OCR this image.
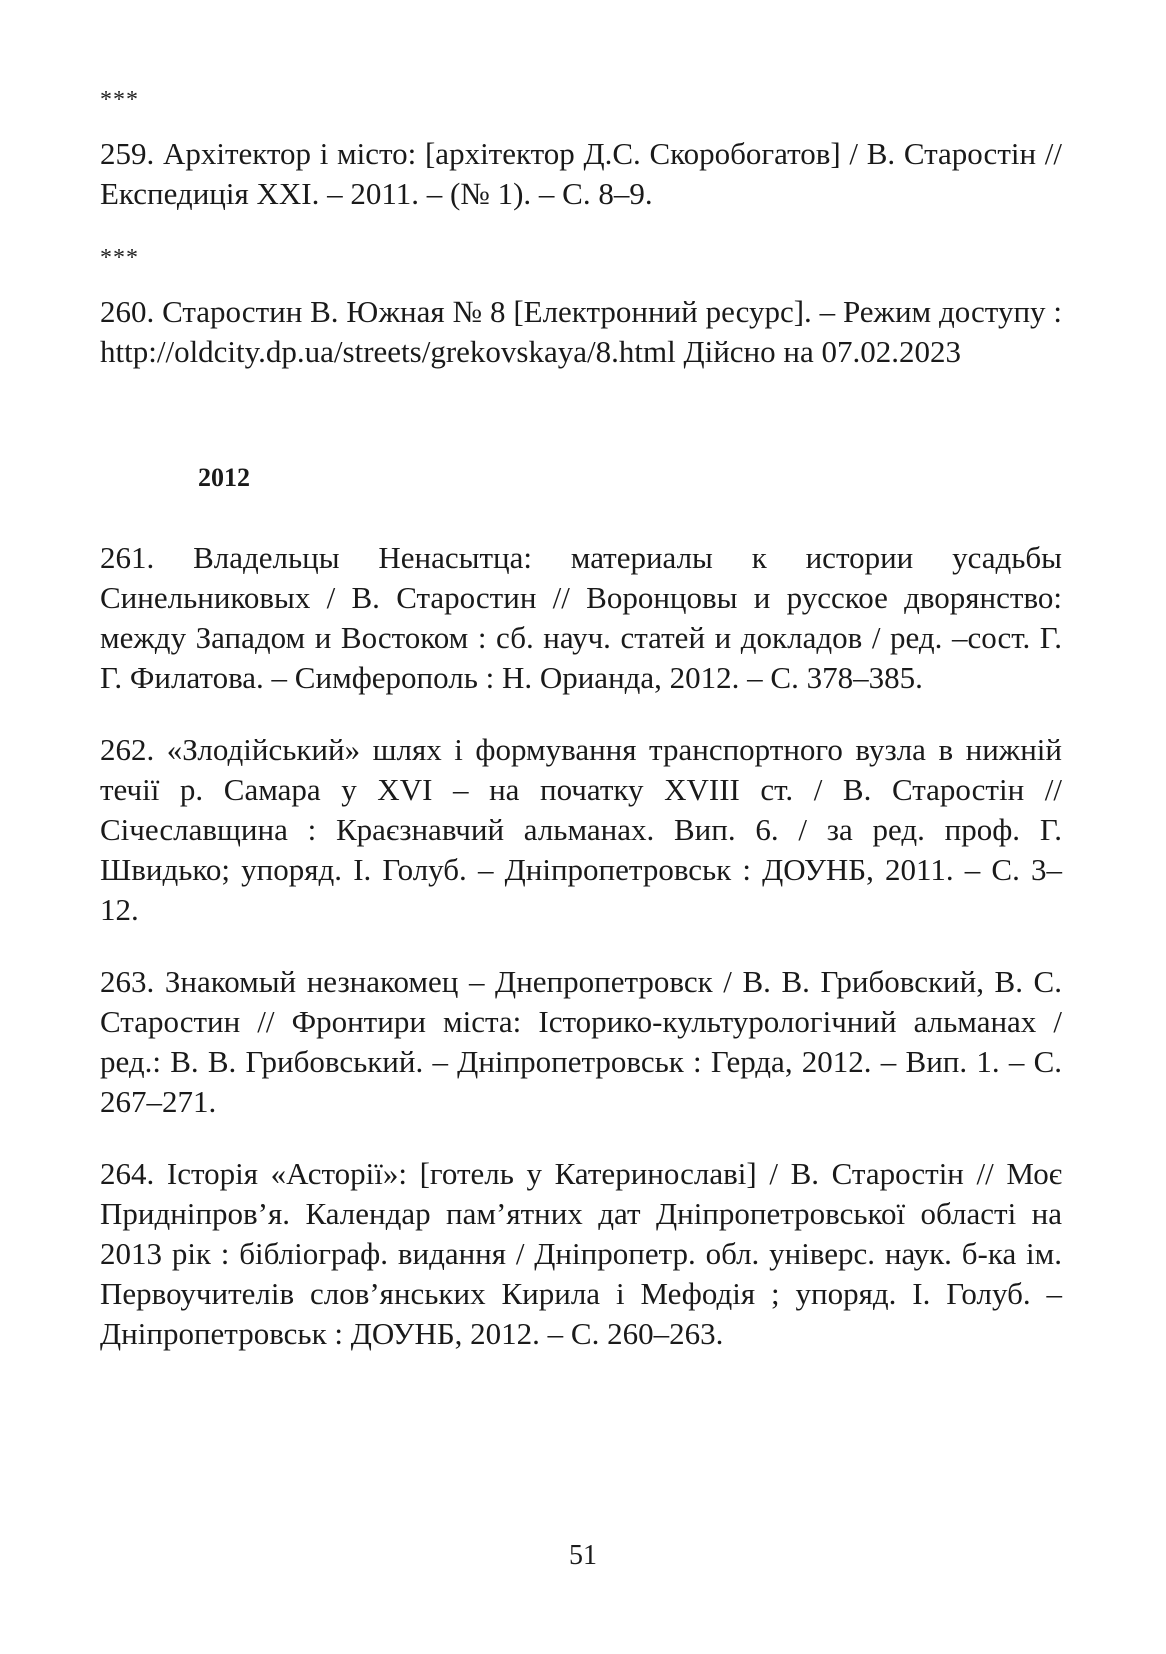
***
259. Архітектор і місто: [архітектор Д.С. Скоробогатов] / В. Старостін // Експедиція XXI. – 2011. – (№ 1). – С. 8–9.
***
260. Старостин В. Южная № 8 [Електронний ресурс]. – Режим доступу : http://oldcity.dp.ua/streets/grekovskaya/8.html Дійсно на 07.02.2023
2012
261. Владельцы Ненасытца: материалы к истории усадьбы Синельниковых / В. Старостин // Воронцовы и русское дворянство: между Западом и Востоком : сб. науч. статей и докладов / ред. –сост. Г. Г. Филатова. – Симферополь : Н. Орианда, 2012. – С. 378–385.
262. «Злодійський» шлях і формування транспортного вузла в нижній течії р. Самара у XVI – на початку XVIII ст. / В. Старостін // Січеславщина : Краєзнавчий альманах. Вип. 6. / за ред. проф. Г. Швидько; упоряд. І. Голуб. – Дніпропетровськ : ДОУНБ, 2011. – С. 3–12.
263. Знакомый незнакомец – Днепропетровск / В. В. Грибовский, В. С. Старостин // Фронтири міста: Історико-культурологічний альманах / ред.: В. В. Грибовський. – Дніпропетровськ : Герда, 2012. – Вип. 1. – С. 267–271.
264. Історія «Асторії»: [готель у Катеринославі] / В. Старостін // Моє Придніпров’я. Календар пам’ятних дат Дніпропетровської області на 2013 рік : бібліограф. видання / Дніпропетр. обл. універс. наук. б-ка ім. Первоучителів слов’янських Кирила і Мефодія ; упоряд. І. Голуб. – Дніпропетровськ : ДОУНБ, 2012. – С. 260–263.
51
